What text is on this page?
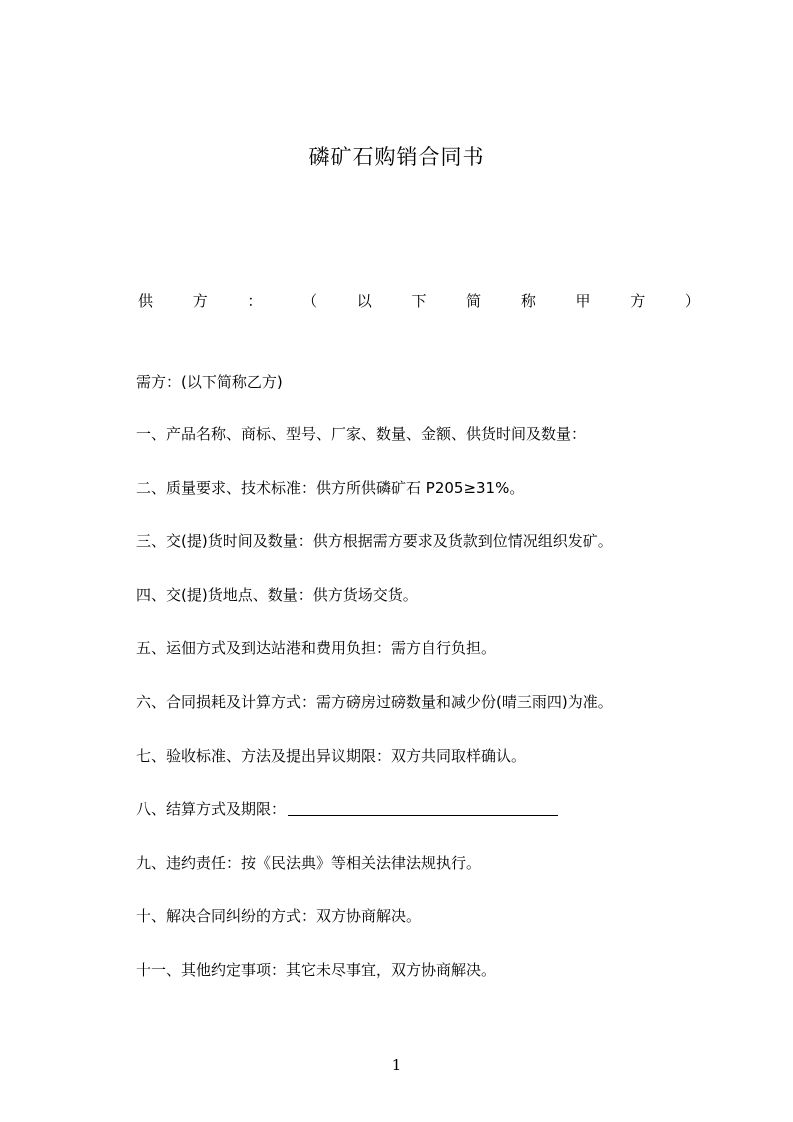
磷矿石购销合同书
供	方	：	（	以	下	简	称	甲	方	）
需方：(以下简称乙方)
一、产品名称、商标、型号、厂家、数量、金额、供货时间及数量：
二、质量要求、技术标准：供方所供磷矿石 P205≥31%。
三、交(提)货时间及数量：供方根据需方要求及货款到位情况组织发矿。
四、交(提)货地点、数量：供方货场交货。
五、运佃方式及到达站港和费用负担：需方自行负担。
六、合同损耗及计算方式：需方磅房过磅数量和减少份(晴三雨四)为准。
七、验收标准、方法及提出异议期限：双方共同取样确认。
八、结算方式及期限：
九、违约责任：按《民法典》等相关法律法规执行。
十、解决合同纠纷的方式：双方协商解决。
十一、其他约定事项：其它未尽事宜，双方协商解决。
1
